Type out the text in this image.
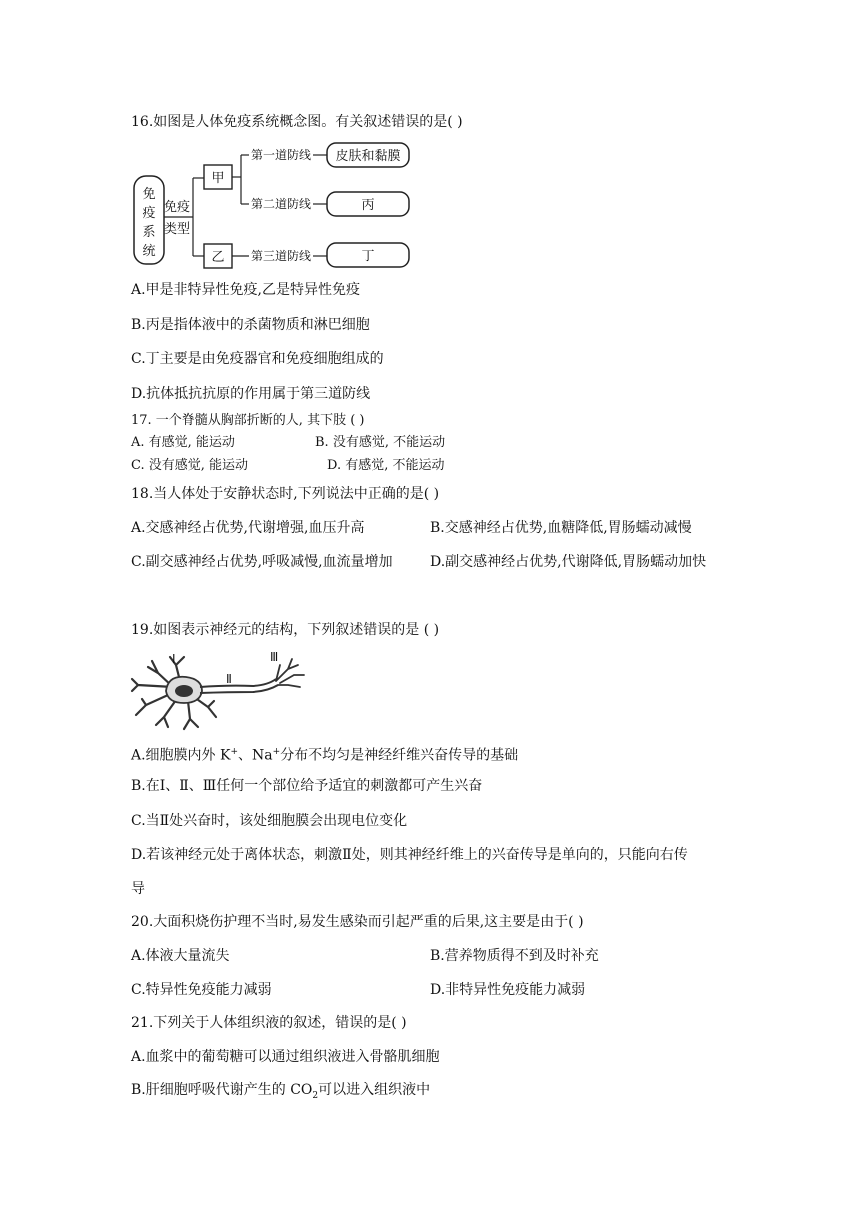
16.如图是人体免疫系统概念图。有关叙述错误的是( )
免
疫
系
统
免疫
类型
甲
乙
第一道防线
第二道防线
第三道防线
皮肤和黏膜
丙
丁
A.甲是非特异性免疫,乙是特异性免疫
B.丙是指体液中的杀菌物质和淋巴细胞
C.丁主要是由免疫器官和免疫细胞组成的
D.抗体抵抗抗原的作用属于第三道防线
17. 一个脊髓从胸部折断的人, 其下肢 ( )
A. 有感觉, 能运动	B. 没有感觉, 不能运动
C. 没有感觉, 能运动	D. 有感觉, 不能运动
18.当人体处于安静状态时,下列说法中正确的是( )
A.交感神经占优势,代谢增强,血压升高	B.交感神经占优势,血糖降低,胃肠蠕动减慢
C.副交感神经占优势,呼吸减慢,血流量增加	D.副交感神经占优势,代谢降低,胃肠蠕动加快
19.如图表示神经元的结构，下列叙述错误的是 ( )
Ⅰ
Ⅱ
Ⅲ
A.细胞膜内外 K+、Na+分布不均匀是神经纤维兴奋传导的基础
B.在Ⅰ、Ⅱ、Ⅲ任何一个部位给予适宜的刺激都可产生兴奋
C.当Ⅱ处兴奋时，该处细胞膜会出现电位变化
D.若该神经元处于离体状态，刺激Ⅱ处，则其神经纤维上的兴奋传导是单向的，只能向右传
导
20.大面积烧伤护理不当时,易发生感染而引起严重的后果,这主要是由于( )
A.体液大量流失	B.营养物质得不到及时补充
C.特异性免疫能力减弱	D.非特异性免疫能力减弱
21.下列关于人体组织液的叙述，错误的是( )
A.血浆中的葡萄糖可以通过组织液进入骨骼肌细胞
B.肝细胞呼吸代谢产生的 $CO_2$可以进入组织液中
